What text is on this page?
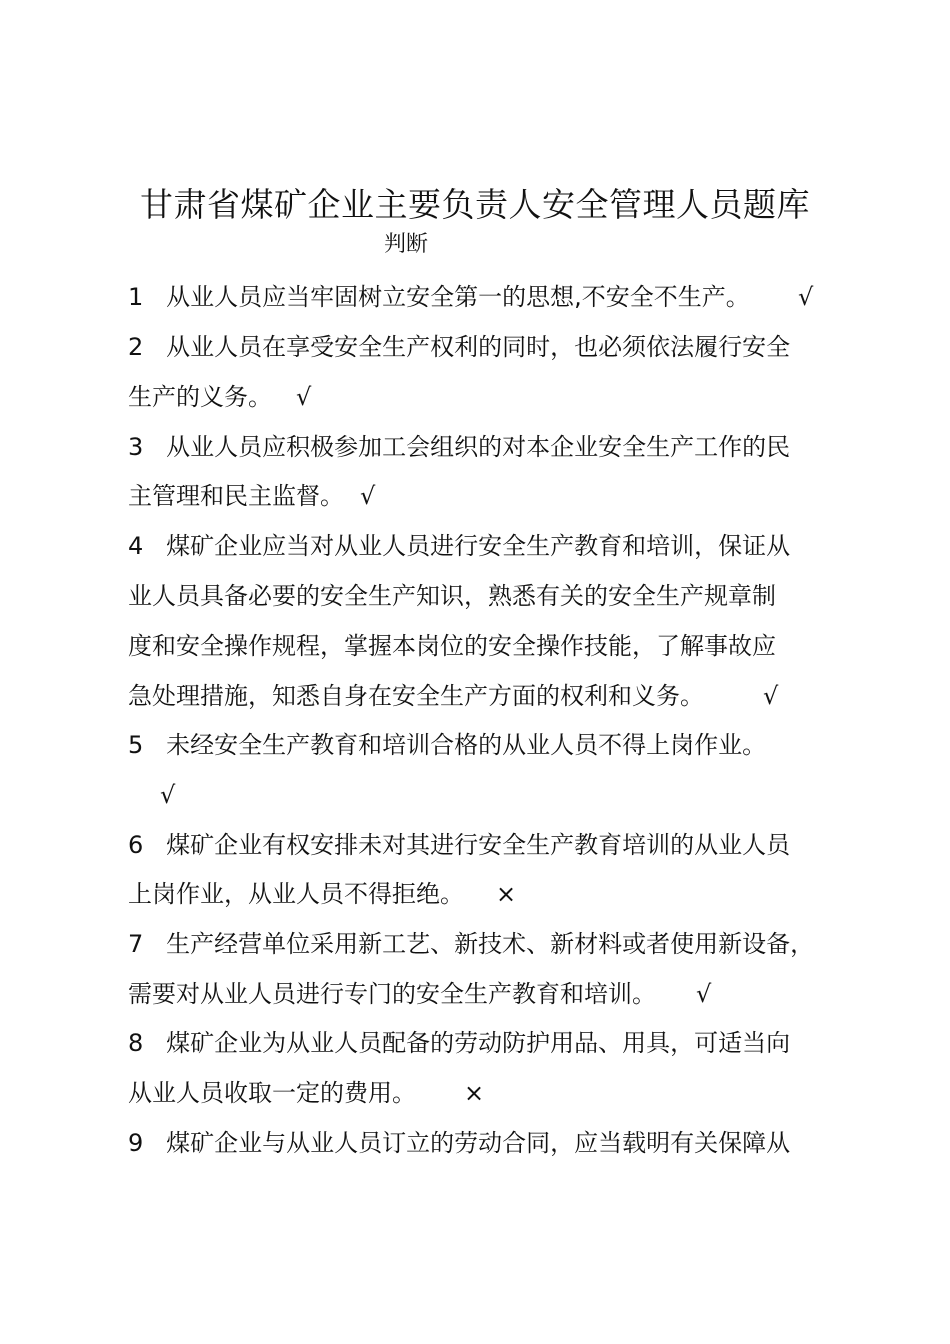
甘肃省煤矿企业主要负责人安全管理人员题库
判断
1   从业人员应当牢固树立安全第一的思想,不安全不生产。 √
2   从业人员在享受安全生产权利的同时，也必须依法履行安全
生产的义务。 √
3   从业人员应积极参加工会组织的对本企业安全生产工作的民
主管理和民主监督。 √
4   煤矿企业应当对从业人员进行安全生产教育和培训，保证从
业人员具备必要的安全生产知识，熟悉有关的安全生产规章制
度和安全操作规程，掌握本岗位的安全操作技能，了解事故应
急处理措施，知悉自身在安全生产方面的权利和义务。 √
5   未经安全生产教育和培训合格的从业人员不得上岗作业。
√
6   煤矿企业有权安排未对其进行安全生产教育培训的从业人员
上岗作业，从业人员不得拒绝。 ×
7   生产经营单位采用新工艺、新技术、新材料或者使用新设备，
需要对从业人员进行专门的安全生产教育和培训。 √
8   煤矿企业为从业人员配备的劳动防护用品、用具，可适当向
从业人员收取一定的费用。 ×
9   煤矿企业与从业人员订立的劳动合同，应当载明有关保障从
